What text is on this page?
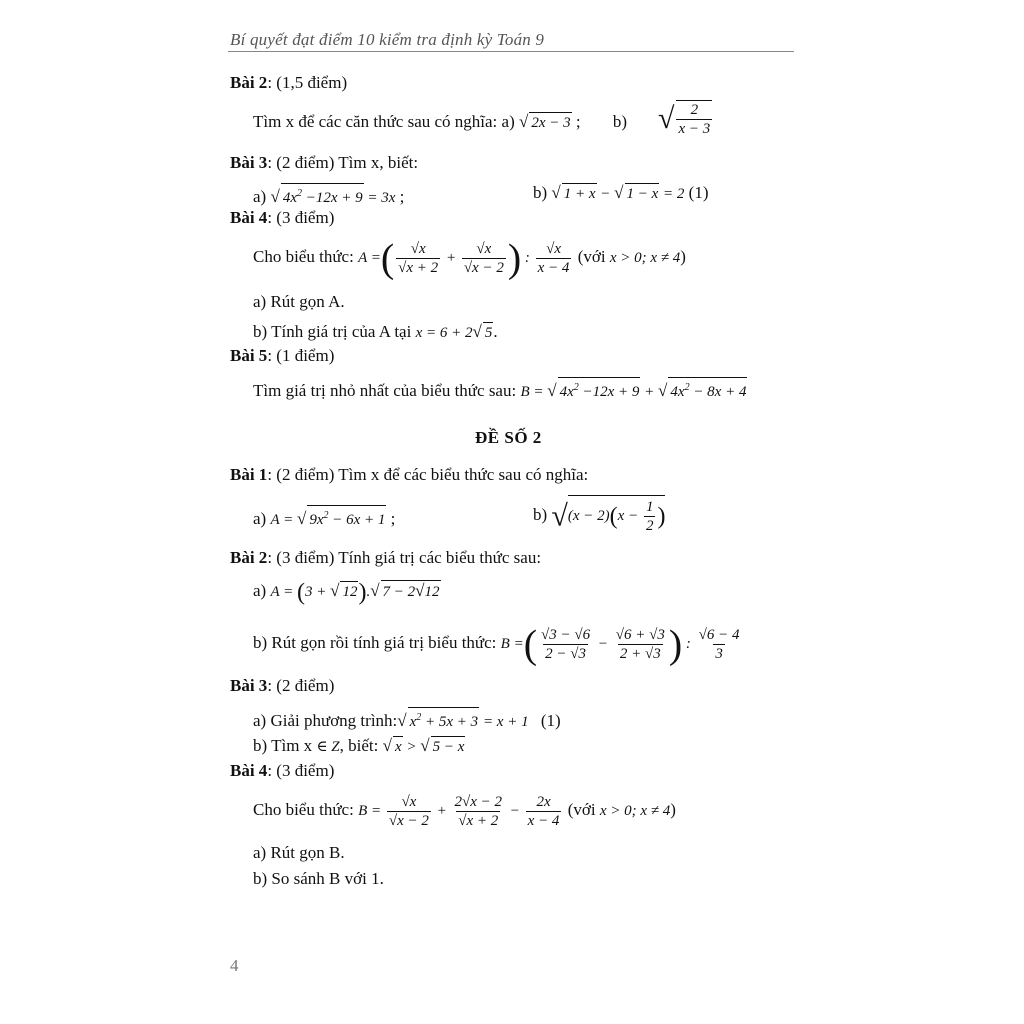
Bí quyết đạt điểm 10 kiểm tra định kỳ Toán 9
Bài 2: (1,5 điểm)
Tìm x để các căn thức sau có nghĩa: a) √ 2x − 3 ; b) √ $\frac{2}{x - 3}$
Bài 3: (2 điểm) Tìm x, biết:
a) √ $4x^2 -12x + 9 = 3x$ ;	b) √ 1 + x − √ 1 − x = 2 (1)
Bài 4: (3 điểm)
Cho biểu thức: A =( $\frac{√x}{√x + 2} + \frac{√x}{√x - 2}$ ) : $\frac{√x}{x - 4}$ (với x > 0; x ≠ 4)
a) Rút gọn A.
b) Tính giá trị của A tại x = 6 + 2√ 5.
Bài 5: (1 điểm)
Tìm giá trị nhỏ nhất của biểu thức sau: B = √ $4x^2 -12x + 9$ + √ $4x^2 - 8x + 4$
ĐỀ SỐ 2
Bài 1: (2 điểm) Tìm x để các biểu thức sau có nghĩa:
a) A = √ $9x^2 - 6x + 1$ ;	b) $√(x - 2)(x - \frac{1}{2}$ )
Bài 2: (3 điểm) Tính giá trị các biểu thức sau:
a) A = (3 + √ 12).√ 7 − 2√12
b) Rút gọn rồi tính giá trị biểu thức: B =( $\frac{√3 - √6}{2 - √3} - \frac{√6 + √3}{2 + √3}$ ) : $\frac{√6 - 4}{3}$
Bài 3: (2 điểm)
a) Giải phương trình:√ $x^2 + 5x + 3 = x + 1$ (1)
b) Tìm x ∈ Z, biết: √ x > √ 5 − x
Bài 4: (3 điểm)
Cho biểu thức: $B = \frac{√x}{√x - 2} + \frac{2√x - 2}{√x + 2} - \frac{2x}{x - 4}$ (với x > 0; x ≠ 4)
a) Rút gọn B.
b) So sánh B với 1.
4
